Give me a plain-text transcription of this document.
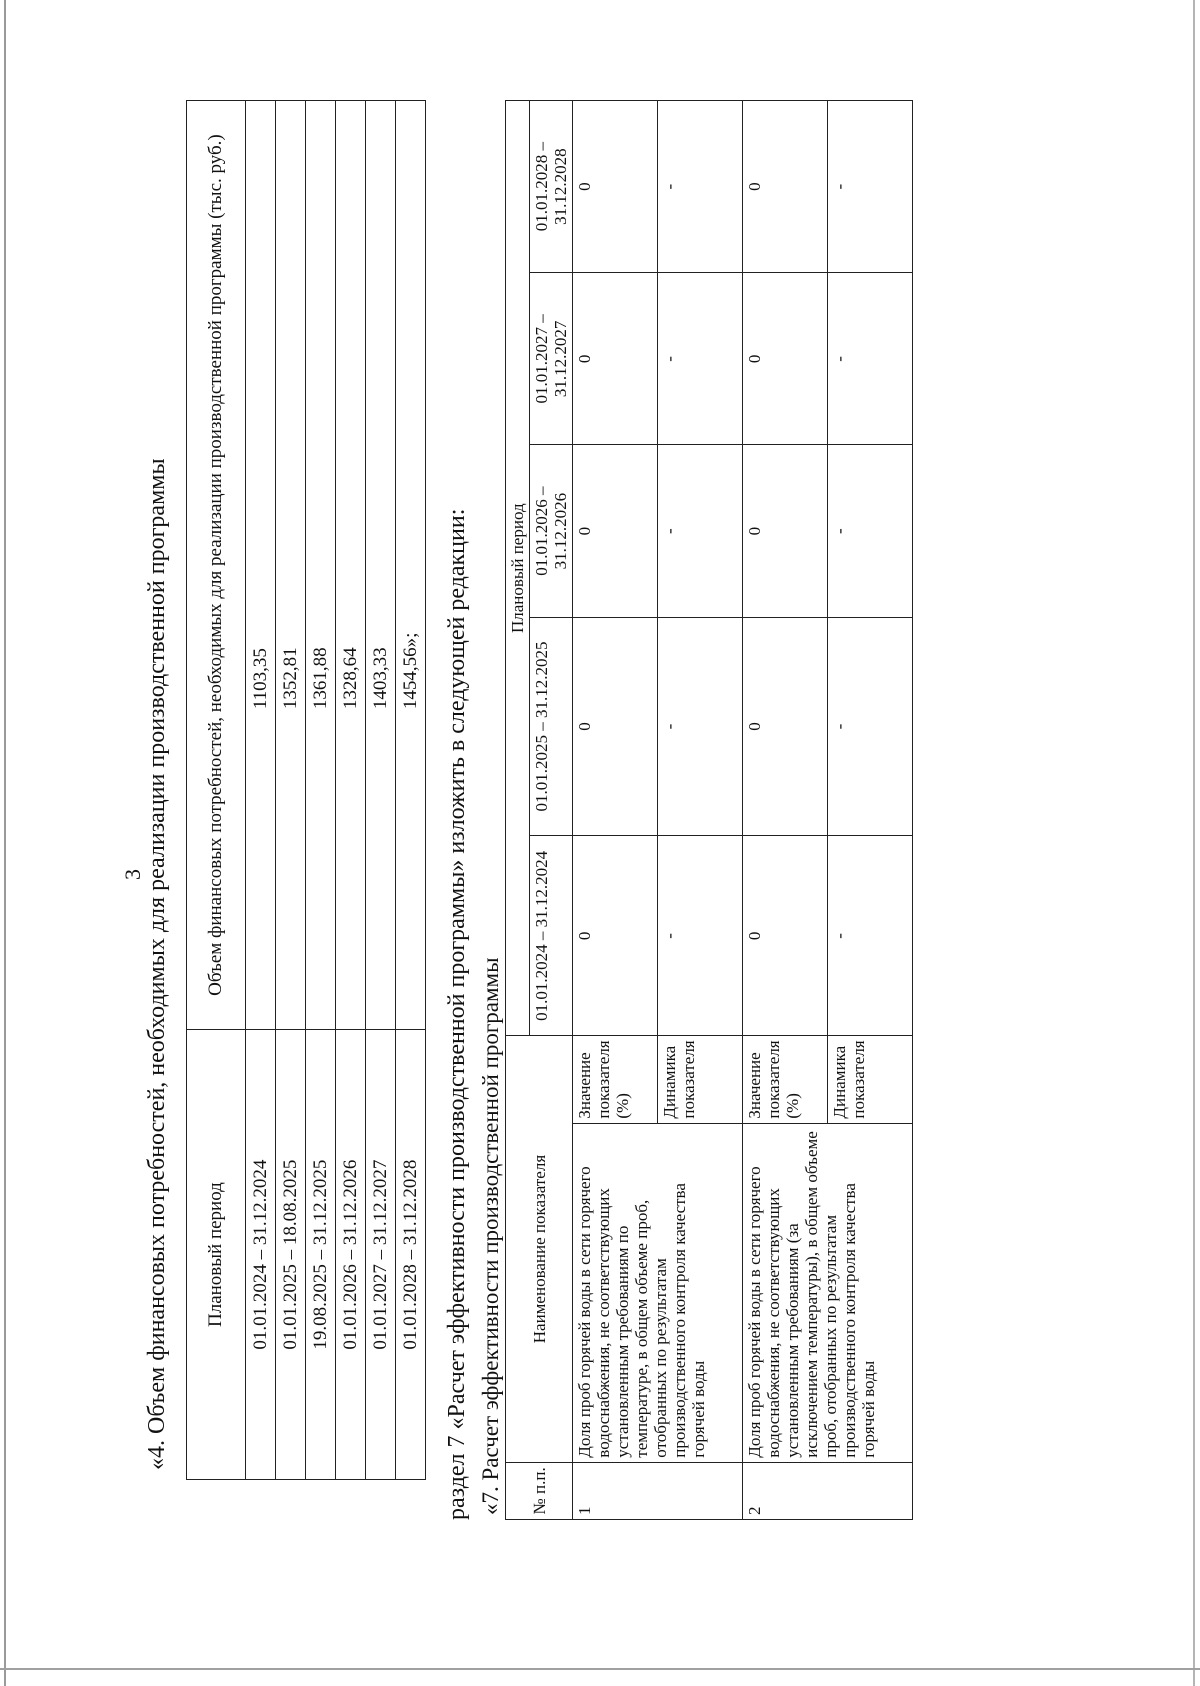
3 «4. Объем финансовых потребностей, необходимых для реализации производственной программы Плановый период	Объем финансовых потребностей, необходимых для реализации производственной программы (тыс. руб.)
01.01.2024 – 31.12.2024	1103,35
01.01.2025 – 18.08.2025	1352,81
19.08.2025 – 31.12.2025	1361,88
01.01.2026 – 31.12.2026	1328,64
01.01.2027 – 31.12.2027	1403,33
01.01.2028 – 31.12.2028	1454,56»; раздел 7 «Расчет эффективности производственной программы» изложить в следующей редакции: «7. Расчет эффективности производственной программы № п.п.	Наименование показателя		Плановый период				
			01.01.2024 – 31.12.2024	01.01.2025 – 31.12.2025	01.01.2026 – 31.12.2026	01.01.2027 – 31.12.2027	01.01.2028 – 31.12.2028
1	Доля проб горячей воды в сети горячего водоснабжения, не соответствующих установленным требованиям по температуре, в общем объеме проб, отобранных по результатам производственного контроля качества горячей воды	Значение показателя (%)	0	0	0	0	0
		Динамика показателя	-	-	-	-	-
2	Доля проб горячей воды в сети горячего водоснабжения, не соответствующих установленным требованиям (за исключением температуры), в общем объеме проб, отобранных по результатам производственного контроля качества горячей воды	Значение показателя (%)	0	0	0	0	0
		Динамика показателя	-	-	-	-	-
